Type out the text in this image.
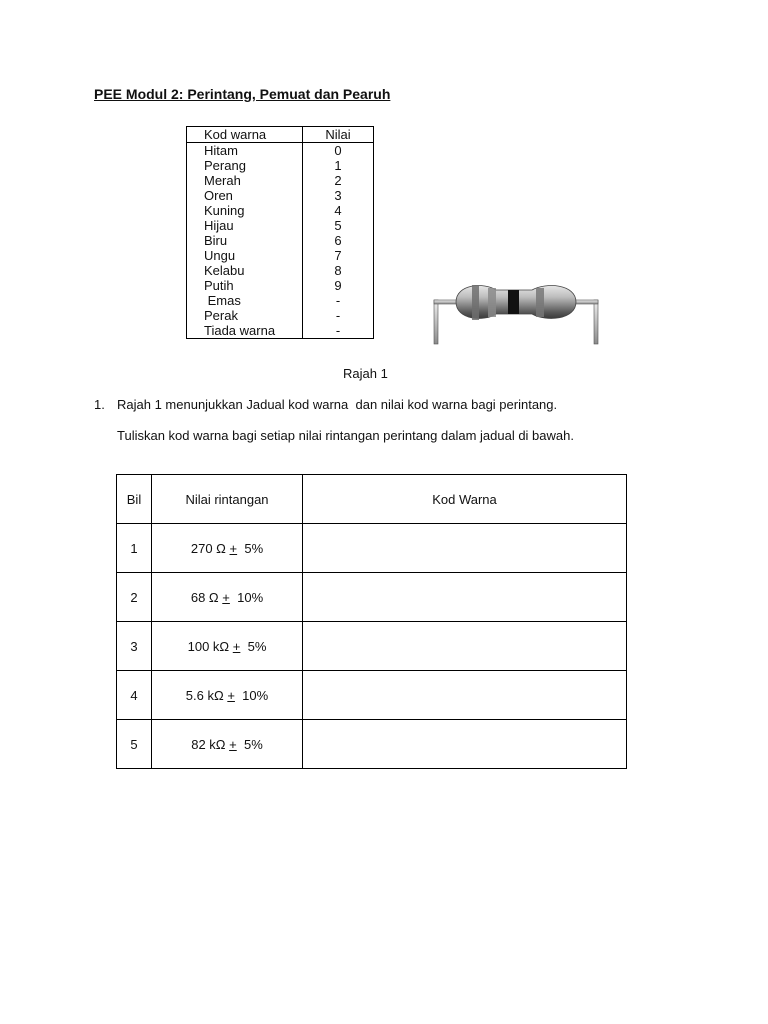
PEE Modul 2: Perintang, Pemuat dan Pearuh
Kod warna	Nilai
Hitam	0
Perang	1
Merah	2
Oren	3
Kuning	4
Hijau	5
Biru	6
Ungu	7
Kelabu	8
Putih	9
Emas	-
Perak	-
Tiada warna	-
Rajah 1
1. Rajah 1 menunjukkan Jadual kod warna  dan nilai kod warna bagi perintang.
Tuliskan kod warna bagi setiap nilai rintangan perintang dalam jadual di bawah.
Bil	Nilai rintangan	Kod Warna
1	270 Ω + 5%	
2	68 Ω + 10%	
3	100 kΩ + 5%	
4	5.6 kΩ + 10%	
5	82 kΩ + 5%	
